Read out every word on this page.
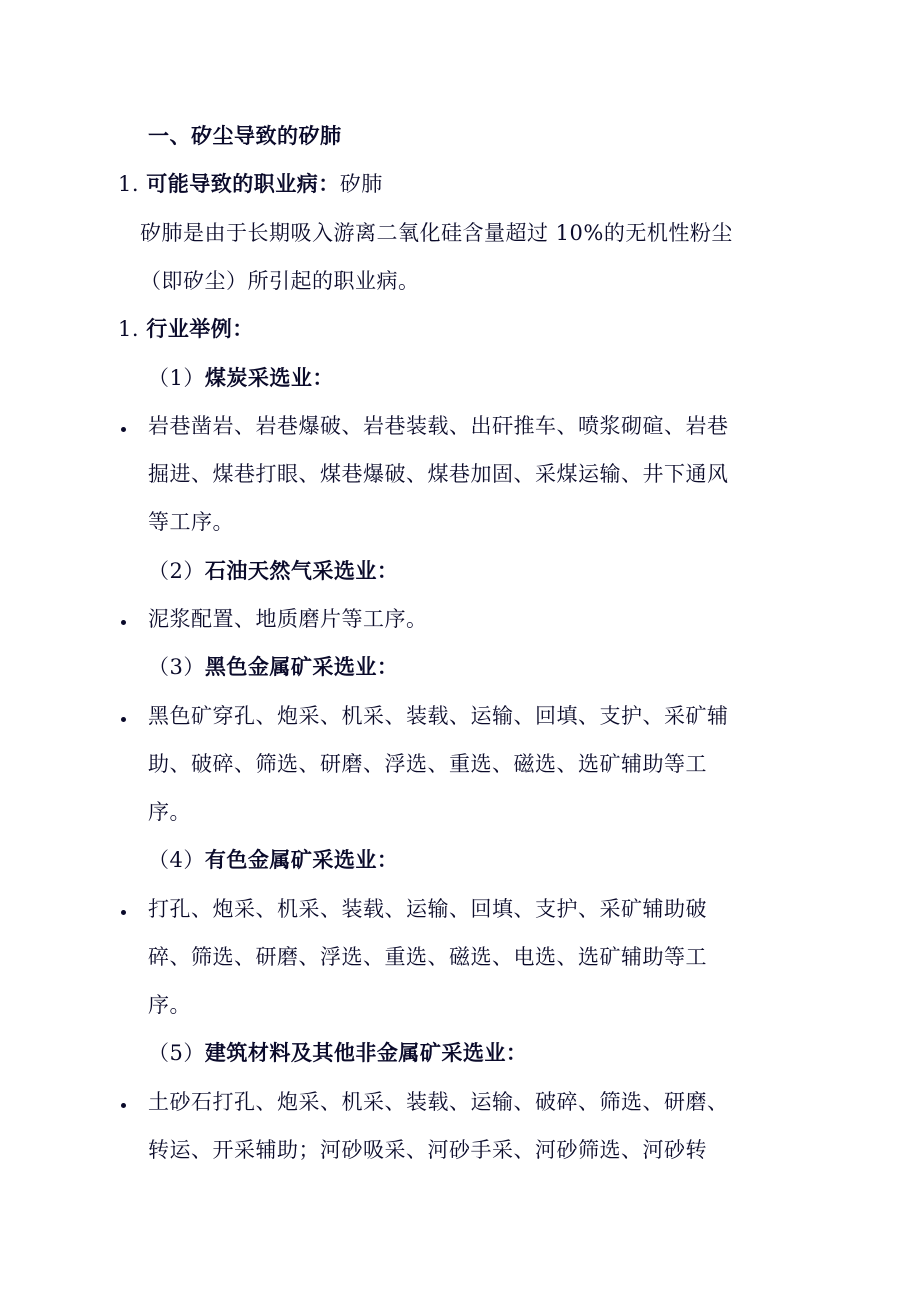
一、矽尘导致的矽肺
1. 可能导致的职业病：矽肺
矽肺是由于长期吸入游离二氧化硅含量超过 10%的无机性粉尘
（即矽尘）所引起的职业病。
1. 行业举例：
（1）煤炭采选业：
岩巷凿岩、岩巷爆破、岩巷装载、出矸推车、喷浆砌碹、岩巷
掘进、煤巷打眼、煤巷爆破、煤巷加固、采煤运输、井下通风
等工序。
（2）石油天然气采选业：
泥浆配置、地质磨片等工序。
（3）黑色金属矿采选业：
黑色矿穿孔、炮采、机采、装载、运输、回填、支护、采矿辅
助、破碎、筛选、研磨、浮选、重选、磁选、选矿辅助等工
序。
（4）有色金属矿采选业：
打孔、炮采、机采、装载、运输、回填、支护、采矿辅助破
碎、筛选、研磨、浮选、重选、磁选、电选、选矿辅助等工
序。
（5）建筑材料及其他非金属矿采选业：
土砂石打孔、炮采、机采、装载、运输、破碎、筛选、研磨、
转运、开采辅助；河砂吸采、河砂手采、河砂筛选、河砂转
